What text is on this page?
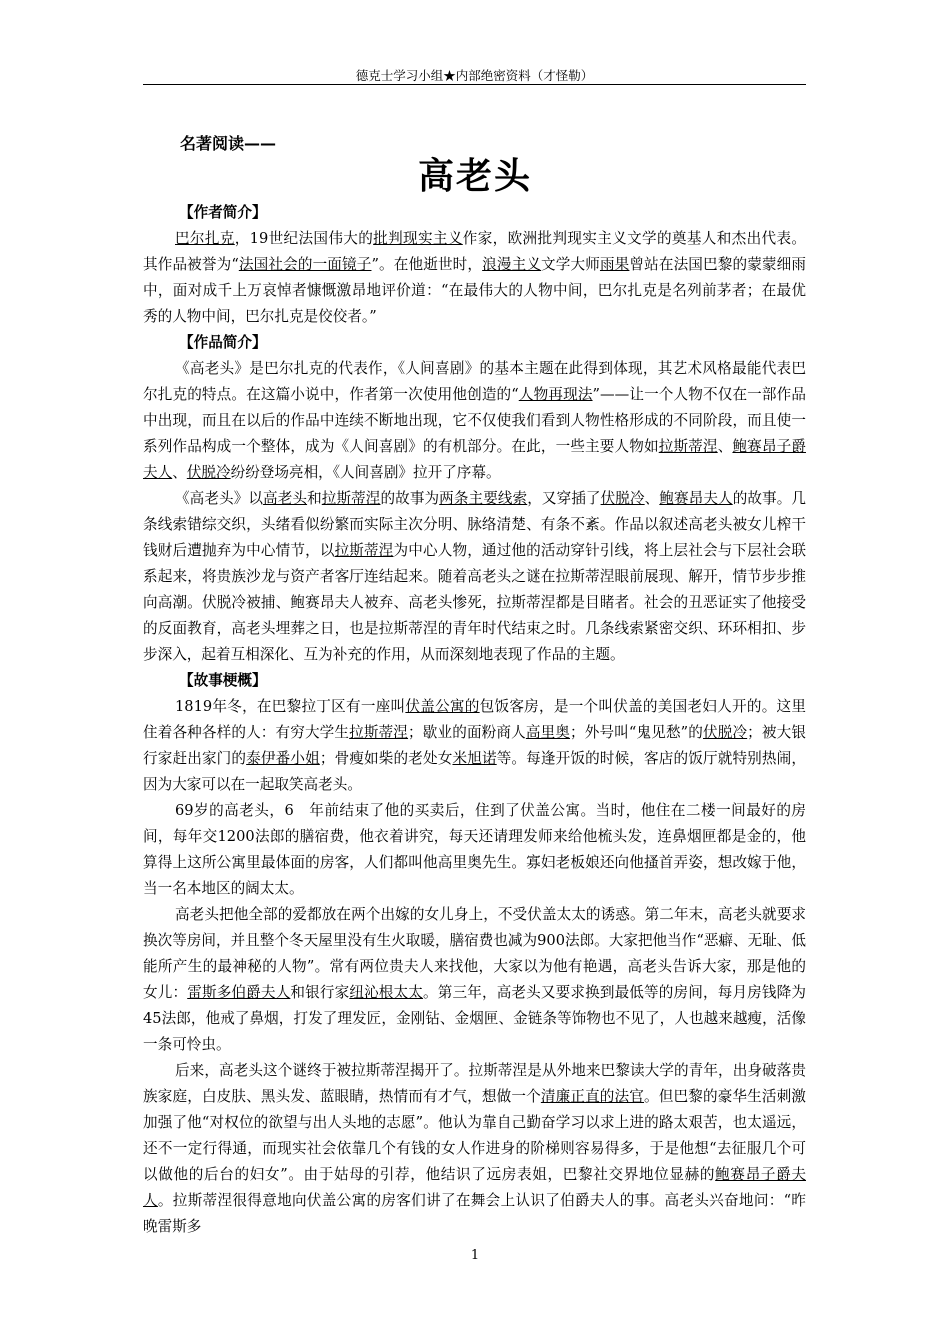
德克士学习小组★内部绝密资料（才怪勒）
名著阅读——
高老头
【作者简介】

巴尔扎克，19世纪法国伟大的批判现实主义作家，欧洲批判现实主义文学的奠基人和杰出代表。其作品被誉为“法国社会的一面镜子”。在他逝世时，浪漫主义文学大师雨果曾站在法国巴黎的蒙蒙细雨中，面对成千上万哀悼者慷慨激昂地评价道：“在最伟大的人物中间，巴尔扎克是名列前茅者；在最优秀的人物中间，巴尔扎克是佼佼者。”

【作品简介】

《高老头》是巴尔扎克的代表作，《人间喜剧》的基本主题在此得到体现，其艺术风格最能代表巴尔扎克的特点。在这篇小说中，作者第一次使用他创造的“人物再现法”——让一个人物不仅在一部作品中出现，而且在以后的作品中连续不断地出现，它不仅使我们看到人物性格形成的不同阶段，而且使一系列作品构成一个整体，成为《人间喜剧》的有机部分。在此，一些主要人物如拉斯蒂涅、鲍赛昂子爵夫人、伏脱冷纷纷登场亮相，《人间喜剧》拉开了序幕。

《高老头》以高老头和拉斯蒂涅的故事为两条主要线索，又穿插了伏脱冷、鲍赛昂夫人的故事。几条线索错综交织，头绪看似纷繁而实际主次分明、脉络清楚、有条不紊。作品以叙述高老头被女儿榨干钱财后遭抛弃为中心情节，以拉斯蒂涅为中心人物，通过他的活动穿针引线，将上层社会与下层社会联系起来，将贵族沙龙与资产者客厅连结起来。随着高老头之谜在拉斯蒂涅眼前展现、解开，情节步步推向高潮。伏脱冷被捕、鲍赛昂夫人被弃、高老头惨死，拉斯蒂涅都是目睹者。社会的丑恶证实了他接受的反面教育，高老头埋葬之日，也是拉斯蒂涅的青年时代结束之时。几条线索紧密交织、环环相扣、步步深入，起着互相深化、互为补充的作用，从而深刻地表现了作品的主题。

【故事梗概】

1819年冬，在巴黎拉丁区有一座叫伏盖公寓的包饭客房，是一个叫伏盖的美国老妇人开的。这里住着各种各样的人：有穷大学生拉斯蒂涅；歇业的面粉商人高里奥；外号叫“鬼见愁”的伏脱冷；被大银行家赶出家门的泰伊番小姐；骨瘦如柴的老处女米旭诺等。每逢开饭的时候，客店的饭厅就特别热闹，因为大家可以在一起取笑高老头。

69岁的高老头，6　年前结束了他的买卖后，住到了伏盖公寓。当时，他住在二楼一间最好的房间，每年交1200法郎的膳宿费，他衣着讲究，每天还请理发师来给他梳头发，连鼻烟匣都是金的，他算得上这所公寓里最体面的房客，人们都叫他高里奥先生。寡妇老板娘还向他搔首弄姿，想改嫁于他，当一名本地区的阔太太。

高老头把他全部的爱都放在两个出嫁的女儿身上，不受伏盖太太的诱惑。第二年末，高老头就要求换次等房间，并且整个冬天屋里没有生火取暖，膳宿费也减为900法郎。大家把他当作“恶癖、无耻、低能所产生的最神秘的人物”。常有两位贵夫人来找他，大家以为他有艳遇，高老头告诉大家，那是他的女儿：雷斯多伯爵夫人和银行家纽沁根太太。第三年，高老头又要求换到最低等的房间，每月房钱降为45法郎，他戒了鼻烟，打发了理发匠，金刚钻、金烟匣、金链条等饰物也不见了，人也越来越瘦，活像一条可怜虫。

后来，高老头这个谜终于被拉斯蒂涅揭开了。拉斯蒂涅是从外地来巴黎读大学的青年，出身破落贵族家庭，白皮肤、黑头发、蓝眼睛，热情而有才气，想做一个清廉正直的法官。但巴黎的豪华生活刺激加强了他“对权位的欲望与出人头地的志愿”。他认为靠自己勤奋学习以求上进的路太艰苦，也太遥远，还不一定行得通，而现实社会依靠几个有钱的女人作进身的阶梯则容易得多，于是他想“去征服几个可以做他的后台的妇女”。由于姑母的引荐，他结识了远房表姐，巴黎社交界地位显赫的鲍赛昂子爵夫人。拉斯蒂涅很得意地向伏盖公寓的房客们讲了在舞会上认识了伯爵夫人的事。高老头兴奋地问：“昨晚雷斯多

1
